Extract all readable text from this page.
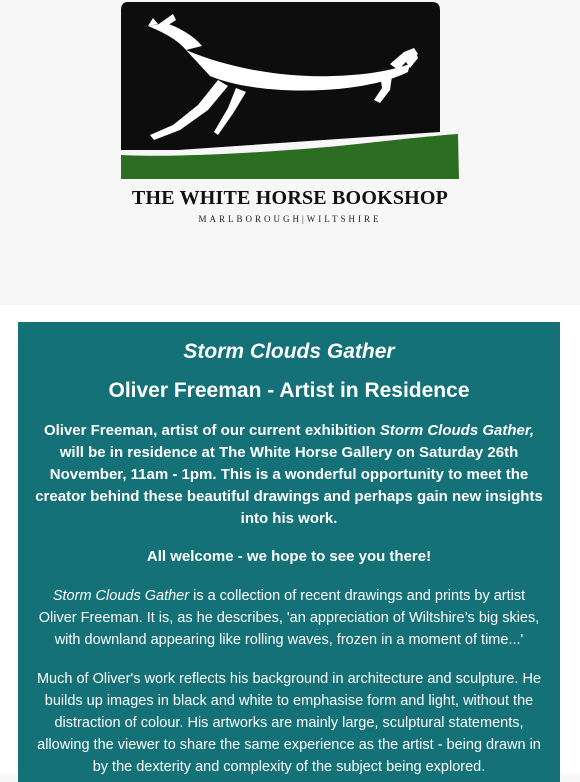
THE WHITE HORSE BOOKSHOP
MARLBOROUGH|WILTSHIRE
Storm Clouds Gather
Oliver Freeman - Artist in Residence
Oliver Freeman, artist of our current exhibition Storm Clouds Gather, will be in residence at The White Horse Gallery on Saturday 26th November, 11am - 1pm. This is a wonderful opportunity to meet the creator behind these beautiful drawings and perhaps gain new insights into his work.
All welcome - we hope to see you there!
Storm Clouds Gather is a collection of recent drawings and prints by artist Oliver Freeman. It is, as he describes, 'an appreciation of Wiltshire’s big skies, with downland appearing like rolling waves, frozen in a moment of time...'
Much of Oliver's work reflects his background in architecture and sculpture. He builds up images in black and white to emphasise form and light, without the distraction of colour. His artworks are mainly large, sculptural statements, allowing the viewer to share the same experience as the artist - being drawn in by the dexterity and complexity of the subject being explored.
